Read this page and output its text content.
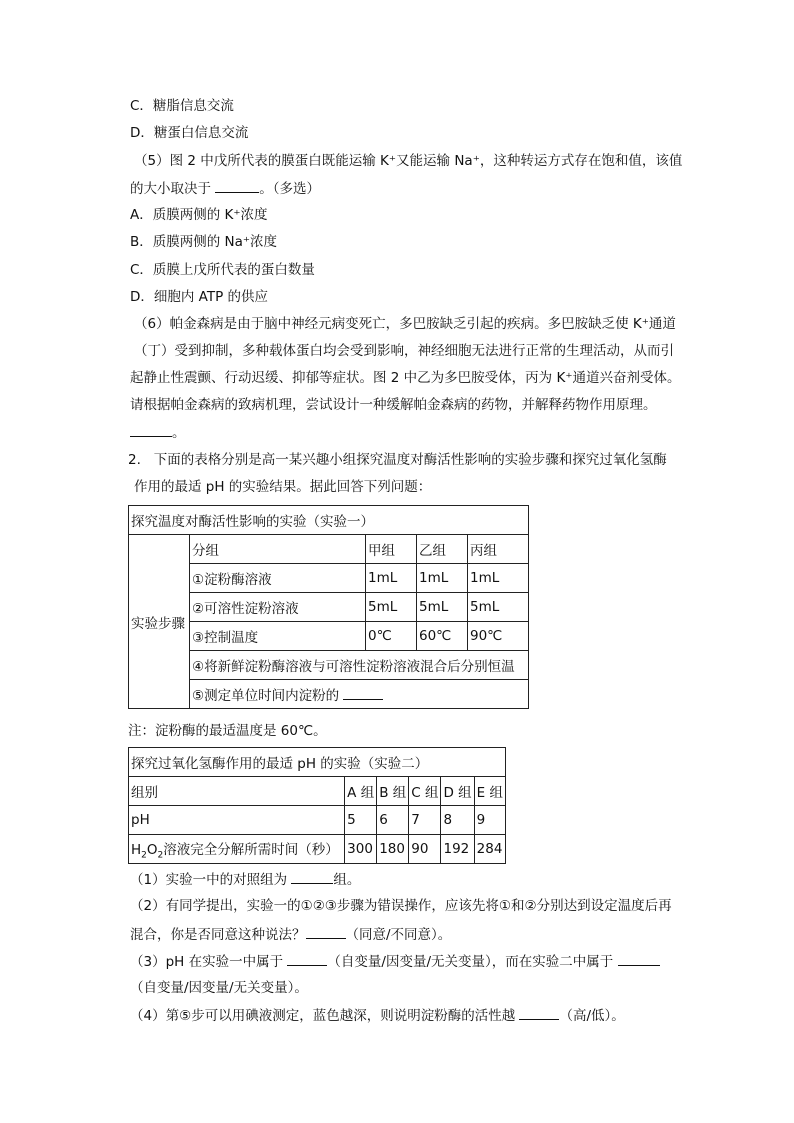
C．糖脂信息交流
D．糖蛋白信息交流
（5）图 2 中戊所代表的膜蛋白既能运输 K⁺又能运输 Na⁺，这种转运方式存在饱和值，该值
的大小取决于	。（多选）
A．质膜两侧的 K⁺浓度
B．质膜两侧的 Na⁺浓度
C．质膜上戊所代表的蛋白数量
D．细胞内 ATP 的供应
（6）帕金森病是由于脑中神经元病变死亡，多巴胺缺乏引起的疾病。多巴胺缺乏使 K⁺通道
（丁）受到抑制，多种载体蛋白均会受到影响，神经细胞无法进行正常的生理活动，从而引
起静止性震颤、行动迟缓、抑郁等症状。图 2 中乙为多巴胺受体，丙为 K⁺通道兴奋剂受体。
请根据帕金森病的致病机理，尝试设计一种缓解帕金森病的药物，并解释药物作用原理。
。
2. 下面的表格分别是高一某兴趣小组探究温度对酶活性影响的实验步骤和探究过氧化氢酶
作用的最适 pH 的实验结果。据此回答下列问题：
探究温度对酶活性影响的实验（实验一）				
实验步骤	分组	甲组	乙组	丙组
	①淀粉酶溶液	1mL	1mL	1mL
	②可溶性淀粉溶液	5mL	5mL	5mL
	③控制温度	0℃	60℃	90℃
	④将新鲜淀粉酶溶液与可溶性淀粉溶液混合后分别恒温			
	⑤测定单位时间内淀粉的			
注：淀粉酶的最适温度是 60℃。
探究过氧化氢酶作用的最适 pH 的实验（实验二）					
组别	A 组	B 组	C 组	D 组	E 组
pH	5	6	7	8	9
$H_2O_2$溶液完全分解所需时间（秒）	300	180	90	192	284
（1）实验一中的对照组为	组。
（2）有同学提出，实验一的①②③步骤为错误操作，应该先将①和②分别达到设定温度后再
混合，你是否同意这种说法？	（同意/不同意）。
（3）pH 在实验一中属于	（自变量/因变量/无关变量），而在实验二中属于
（自变量/因变量/无关变量）。
（4）第⑤步可以用碘液测定，蓝色越深，则说明淀粉酶的活性越	（高/低）。
